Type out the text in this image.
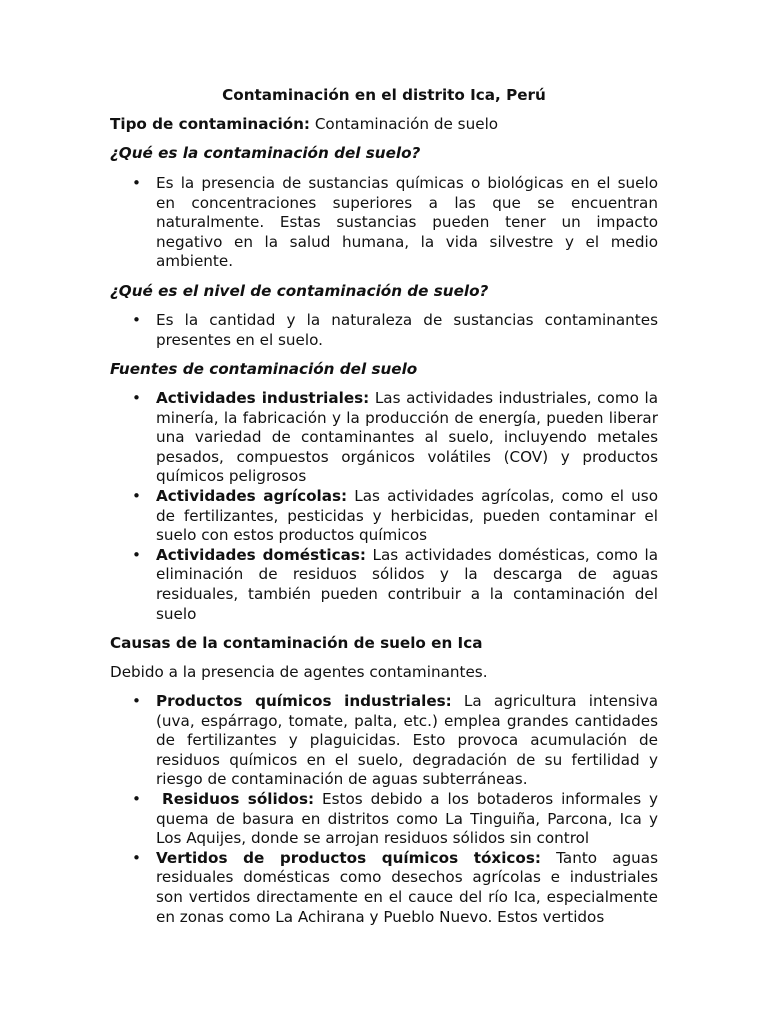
Contaminación en el distrito Ica, Perú
Tipo de contaminación: Contaminación de suelo
¿Qué es la contaminación del suelo?
• Es la presencia de sustancias químicas o biológicas en el suelo en concentraciones superiores a las que se encuentran naturalmente. Estas sustancias pueden tener un impacto negativo en la salud humana, la vida silvestre y el medio ambiente.
¿Qué es el nivel de contaminación de suelo?
• Es la cantidad y la naturaleza de sustancias contaminantes presentes en el suelo.
Fuentes de contaminación del suelo
• Actividades industriales: Las actividades industriales, como la minería, la fabricación y la producción de energía, pueden liberar una variedad de contaminantes al suelo, incluyendo metales pesados, compuestos orgánicos volátiles (COV) y productos químicos peligrosos
• Actividades agrícolas: Las actividades agrícolas, como el uso de fertilizantes, pesticidas y herbicidas, pueden contaminar el suelo con estos productos químicos
• Actividades domésticas: Las actividades domésticas, como la eliminación de residuos sólidos y la descarga de aguas residuales, también pueden contribuir a la contaminación del suelo
Causas de la contaminación de suelo en Ica
Debido a la presencia de agentes contaminantes.
• Productos químicos industriales: La agricultura intensiva (uva, espárrago, tomate, palta, etc.) emplea grandes cantidades de fertilizantes y plaguicidas. Esto provoca acumulación de residuos químicos en el suelo, degradación de su fertilidad y riesgo de contaminación de aguas subterráneas.
• Residuos sólidos: Estos debido a los botaderos informales y quema de basura en distritos como La Tinguiña, Parcona, Ica y Los Aquijes, donde se arrojan residuos sólidos sin control
• Vertidos de productos químicos tóxicos: Tanto aguas residuales domésticas como desechos agrícolas e industriales son vertidos directamente en el cauce del río Ica, especialmente en zonas como La Achirana y Pueblo Nuevo. Estos vertidos
